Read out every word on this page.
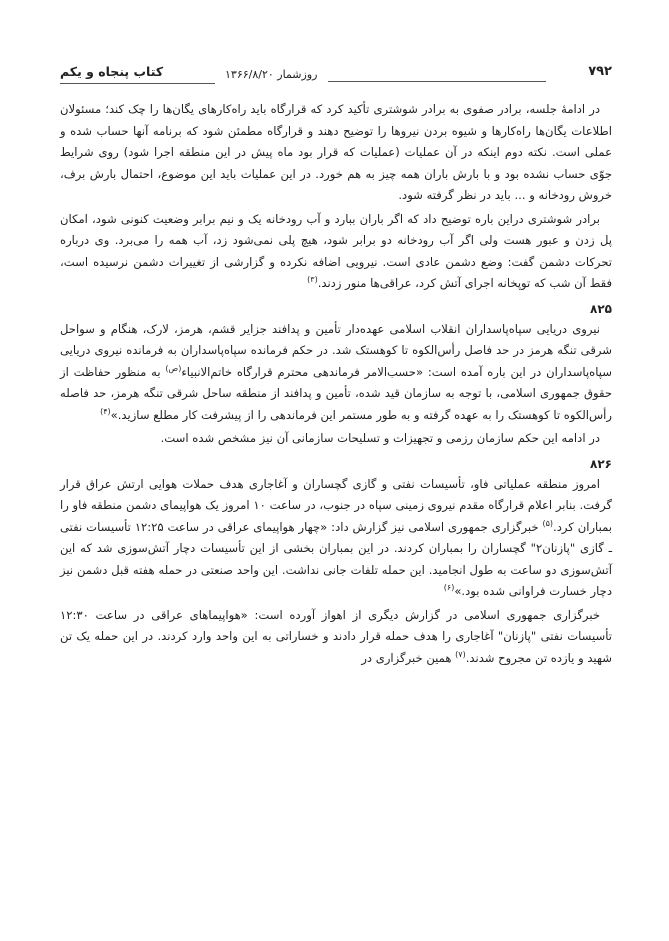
کتاب پنجاه و یکم	روزشمار ۱۳۶۶/۸/۲۰	۷۹۲

در ادامهٔ جلسه، برادر صفوی به برادر شوشتری تأکید کرد که قرارگاه باید راه‌کارهای یگان‌ها را چک کند؛ مسئولان اطلاعات یگان‌ها راه‌کارها و شیوه بردن نیروها را توضیح دهند و قرارگاه مطمئن شود که برنامه آنها حساب شده و عملی است. نکته دوم اینکه در آن عملیات (عملیات که قرار بود ماه پیش در این منطقه اجرا شود) روی شرایط جوّی حساب نشده بود و با بارش باران همه چیز به هم خورد. در این عملیات باید این موضوع، احتمال بارش برف، خروش رودخانه و ... باید در نظر گرفته شود.

برادر شوشتری دراین باره توضیح داد که اگر باران ببارد و آب رودخانه یک و نیم برابر وضعیت کنونی شود، امکان پل زدن و عبور هست ولی اگر آب رودخانه دو برابر شود، هیچ پلی نمی‌شود زد، آب همه را می‌برد. وی درباره تحرکات دشمن گفت: وضع دشمن عادی است. نیرویی اضافه نکرده و گزارشی از تغییرات دشمن نرسیده است، فقط آن شب که توپخانه اجرای آتش کرد، عراقی‌ها منور زدند.$^{(۳)}$

۸۲۵

نیروی دریایی سپاه‌پاسداران انقلاب اسلامی عهده‌دار تأمین و پدافند جزایر قشم، هرمز، لارک، هنگام و سواحل شرقی تنگه هرمز در حد فاصل رأس‌الکوه تا کوهستک شد. در حکم فرمانده سپاه‌پاسداران به فرمانده نیروی دریایی سپاه‌پاسداران در این باره آمده است: «حسب‌الامر فرماندهی محترم قرارگاه خاتم‌الانبیاء$^{(ص)}$ به منظور حفاظت از حقوق جمهوری اسلامی، با توجه به سازمان قید شده، تأمین و پدافند از منطقه ساحل شرقی تنگه هرمز، حد فاصله رأس‌الکوه تا کوهستک را به عهده گرفته و به طور مستمر این فرماندهی را از پیشرفت کار مطلع سازید.»$^{(۴)}$

در ادامه این حکم سازمان رزمی و تجهیزات و تسلیحات سازمانی آن نیز مشخص شده است.

۸۲۶

امروز منطقه عملیاتی فاو، تأسیسات نفتی و گازی گچساران و آغاجاری هدف حملات هوایی ارتش عراق قرار گرفت. بنابر اعلام قرارگاه مقدم نیروی زمینی سپاه در جنوب، در ساعت ۱۰ امروز یک هواپیمای دشمن منطقه فاو را بمباران کرد.$^{(۵)}$ خبرگزاری جمهوری اسلامی نیز گزارش داد: «چهار هواپیمای عراقی در ساعت ۱۲:۲۵ تأسیسات نفتی ـ گازی "پازنان۲" گچساران را بمباران کردند. در این بمباران بخشی از این تأسیسات دچار آتش‌سوزی شد که این آتش‌سوزی دو ساعت به طول انجامید. این حمله تلفات جانی نداشت. این واحد صنعتی در حمله هفته قبل دشمن نیز دچار خسارت فراوانی شده بود.»$^{(۶)}$

خبرگزاری جمهوری اسلامی در گزارش دیگری از اهواز آورده است: «هواپیماهای عراقی در ساعت ۱۲:۳۰ تأسیسات نفتی "پازنان" آغاجاری را هدف حمله قرار دادند و خساراتی به این واحد وارد کردند. در این حمله یک تن شهید و یازده تن مجروح شدند.$^{(۷)}$ همین خبرگزاری در
